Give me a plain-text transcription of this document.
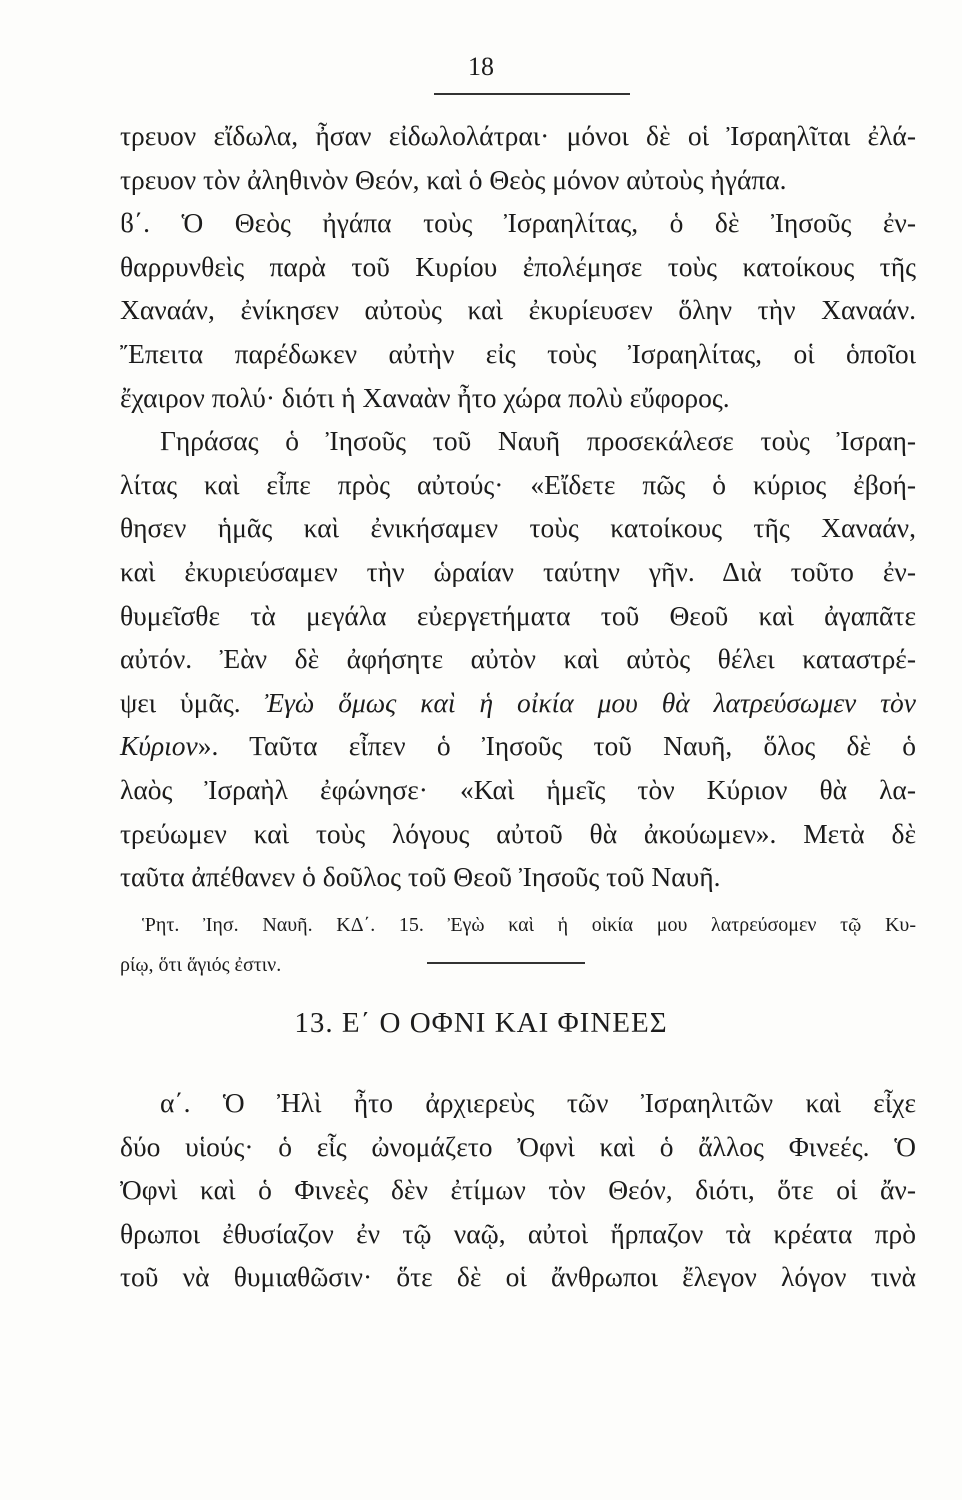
18
τρευον εἴδωλα, ἦσαν εἰδωλολάτραι· μόνοι δὲ οἱ Ἰσραηλῖται ἐλά-
τρευον τὸν ἀληθινὸν Θεόν, καὶ ὁ Θεὸς μόνον αὐτοὺς ἠγάπα.
ϐ΄. Ὁ Θεὸς ἠγάπα τοὺς Ἰσραηλίτας, ὁ δὲ Ἰησοῦς ἐν-
θαρρυνθεὶς παρὰ τοῦ Κυρίου ἐπολέμησε τοὺς κατοίκους τῆς
Χαναάν, ἐνίκησεν αὐτοὺς καὶ ἐκυρίευσεν ὅλην τὴν Χαναάν.
Ἔπειτα παρέδωκεν αὐτὴν εἰς τοὺς Ἰσραηλίτας, οἱ ὁποῖοι
ἔχαιρον πολύ· διότι ἡ Χαναὰν ἦτο χώρα πολὺ εὔφορος.
Γηράσας ὁ Ἰησοῦς τοῦ Ναυῆ προσεκάλεσε τοὺς Ἰσραη-
λίτας καὶ εἶπε πρὸς αὐτούς· «Εἴδετε πῶς ὁ κύριος ἐβοή-
θησεν ἡμᾶς καὶ ἐνικήσαμεν τοὺς κατοίκους τῆς Χαναάν,
καὶ ἐκυριεύσαμεν τὴν ὡραίαν ταύτην γῆν. Διὰ τοῦτο ἐν-
θυμεῖσθε τὰ μεγάλα εὐεργετήματα τοῦ Θεοῦ καὶ ἀγαπᾶτε
αὐτόν. Ἐὰν δὲ ἀφήσητε αὐτὸν καὶ αὐτὸς θέλει καταστρέ-
ψει ὑμᾶς. Ἐγὼ ὅμως καὶ ἡ οἰκία μου θὰ λατρεύσωμεν τὸν
Κύριον». Ταῦτα εἶπεν ὁ Ἰησοῦς τοῦ Ναυῆ, ὅλος δὲ ὁ
λαὸς Ἰσραὴλ ἐφώνησε· «Καὶ ἡμεῖς τὸν Κύριον θὰ λα-
τρεύωμεν καὶ τοὺς λόγους αὐτοῦ θὰ ἀκούωμεν». Μετὰ δὲ
ταῦτα ἀπέθανεν ὁ δοῦλος τοῦ Θεοῦ Ἰησοῦς τοῦ Ναυῆ.
Ῥητ. Ἰησ. Ναυῆ. ΚΔ΄. 15. Ἐγὼ καὶ ἡ οἰκία μου λατρεύσομεν τῷ Κυ-
ρίῳ, ὅτι ἅγιός ἐστιν.
13. Ε΄ Ο ΟΦΝΙ ΚΑΙ ΦΙΝΕΕΣ
α΄. Ὁ Ἠλὶ ἦτο ἀρχιερεὺς τῶν Ἰσραηλιτῶν καὶ εἶχε
δύο υἱούς· ὁ εἷς ὠνομάζετο Ὀφνὶ καὶ ὁ ἄλλος Φινεές. Ὁ
Ὀφνὶ καὶ ὁ Φινεὲς δὲν ἐτίμων τὸν Θεόν, διότι, ὅτε οἱ ἄν-
θρωποι ἐθυσίαζον ἐν τῷ ναῷ, αὐτοὶ ἥρπαζον τὰ κρέατα πρὸ
τοῦ νὰ θυμιαθῶσιν· ὅτε δὲ οἱ ἄνθρωποι ἔλεγον λόγον τινὰ
